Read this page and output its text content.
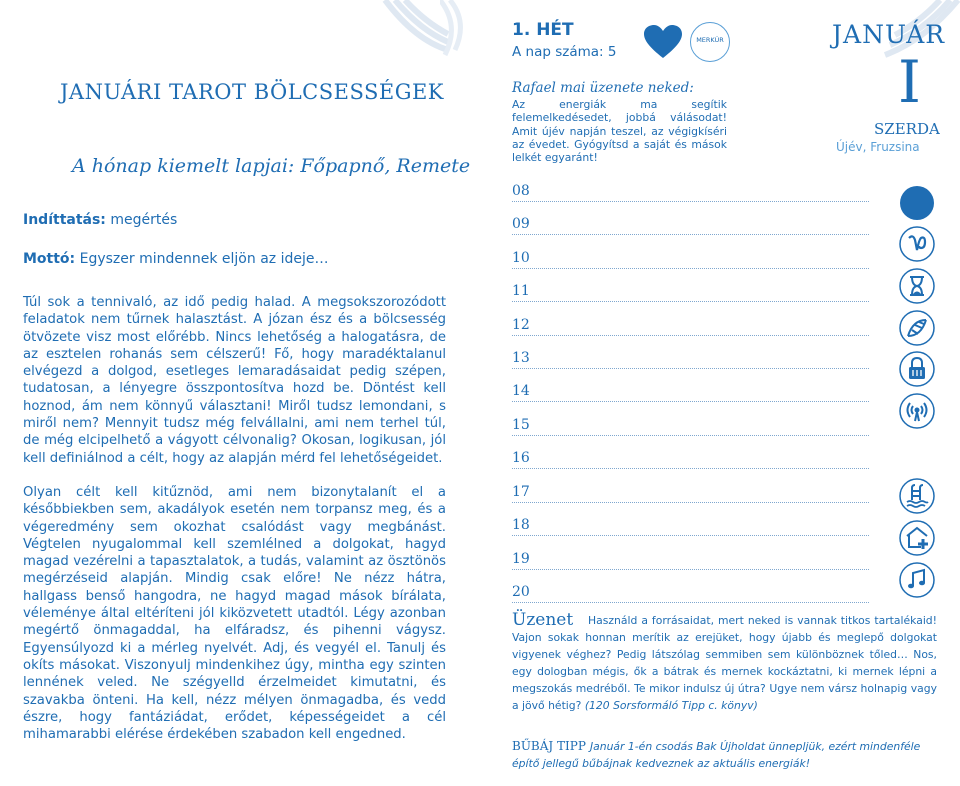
JANUÁRI TAROT BÖLCSESSÉGEK
A hónap kiemelt lapjai: Főpapnő, Remete
Indíttatás: megértés
Mottó: Egyszer mindennek eljön az ideje…
Túl sok a tennivaló, az idő pedig halad. A megsokszorozódott feladatok nem tűrnek halasztást. A józan ész és a bölcsesség ötvözete visz most előrébb. Nincs lehetőség a halogatásra, de az esztelen rohanás sem célszerű! Fő, hogy maradéktalanul elvégezd a dolgod, esetleges lemaradásaidat pedig szépen, tudatosan, a lényegre összpontosítva hozd be. Döntést kell hoznod, ám nem könnyű választani! Miről tudsz lemondani, s miről nem? Mennyit tudsz még felvállalni, ami nem terhel túl, de még elcipelhető a vágyott célvonalig? Okosan, logikusan, jól kell definiálnod a célt, hogy az alapján mérd fel lehetőségeidet.
Olyan célt kell kitűznöd, ami nem bizonytalanít el a későbbiekben sem, akadályok esetén nem torpansz meg, és a végeredmény sem okozhat csalódást vagy megbánást. Végtelen nyugalommal kell szemlélned a dolgokat, hagyd magad vezérelni a tapasztalatok, a tudás, valamint az ösztönös megérzéseid alapján. Mindig csak előre! Ne nézz hátra, hallgass benső hangodra, ne hagyd magad mások bírálata, véleménye által eltéríteni jól kiközvetett utadtól. Légy azonban megértő önmagaddal, ha elfáradsz, és pihenni vágysz. Egyensúlyozd ki a mérleg nyelvét. Adj, és vegyél el. Tanulj és okíts másokat. Viszonyulj mindenkihez úgy, mintha egy szinten lennének veled. Ne szégyelld érzelmeidet kimutatni, és szavakba önteni. Ha kell, nézz mélyen önmagadba, és vedd észre, hogy fantáziádat, erődet, képességeidet a cél mihamarabbi elérése érdekében szabadon kell engedned.
1. HÉT
A nap száma: 5
MERKÚR
Rafael mai üzenete neked:
Az energiák ma segítik felemelkedésedet, jobbá válásodat! Amit újév napján teszel, az végigkíséri az évedet. Gyógyítsd a saját és mások lelkét egyaránt!
JANUÁR
I
SZERDA
Újév, Fruzsina
08
09
10
11
12
13
14
15
16
17
18
19
20
Üzenet	Használd a forrásaidat, mert neked is vannak titkos tartalékaid! Vajon sokak honnan merítik az erejüket, hogy újabb és meglepő dolgokat vigyenek véghez? Pedig látszólag semmiben sem különböznek tőled… Nos, egy dologban mégis, ők a bátrak és mernek kockáztatni, ki mernek lépni a megszokás medréből. Te mikor indulsz új útra? Ugye nem vársz holnapig vagy a jövő hétig? (120 Sorsformáló Tipp c. könyv)
BŰBÁJ TIPP Január 1-én csodás Bak Újholdat ünnepljük, ezért mindenféle építő jellegű bűbájnak kedveznek az aktuális energiák!
